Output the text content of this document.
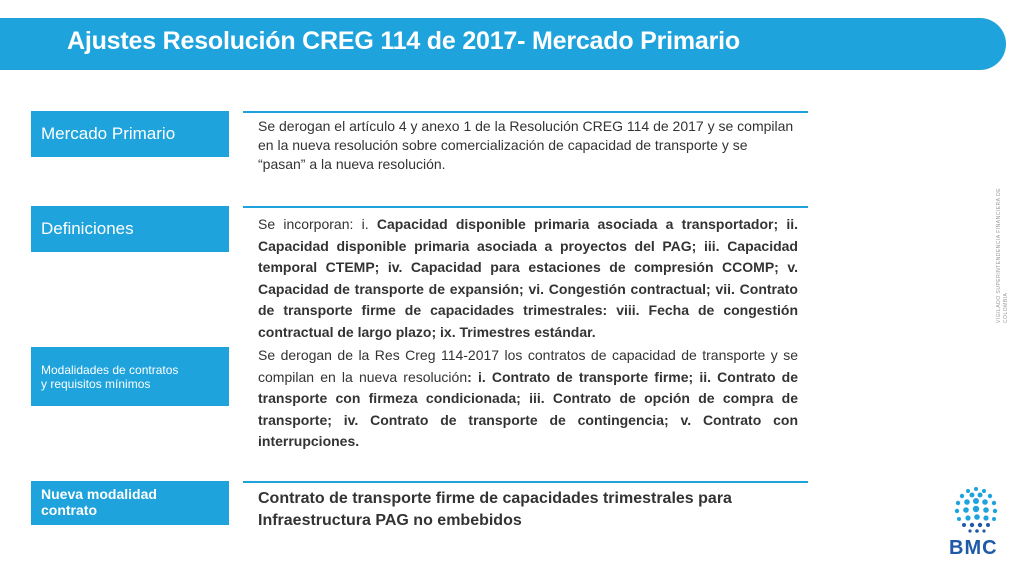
Ajustes Resolución CREG 114 de 2017- Mercado Primario
Mercado Primario	Se derogan el artículo 4 y anexo 1 de la Resolución CREG 114 de 2017 y se compilan en la nueva resolución sobre comercialización de capacidad de transporte y se “pasan” a la nueva resolución.
Definiciones	Se incorporan: i. Capacidad disponible primaria asociada a transportador; ii. Capacidad disponible primaria asociada a proyectos del PAG; iii. Capacidad temporal CTEMP; iv. Capacidad para estaciones de compresión CCOMP; v. Capacidad de transporte de expansión; vi. Congestión contractual; vii. Contrato de transporte firme de capacidades trimestrales: viii. Fecha de congestión contractual de largo plazo; ix. Trimestres estándar.
Modalidades de contratos
y requisitos mínimos
Se derogan de la Res Creg 114-2017 los contratos de capacidad de transporte y se compilan en la nueva resolución: i. Contrato de transporte firme; ii. Contrato de transporte con firmeza condicionada; iii. Contrato de opción de compra de transporte; iv. Contrato de transporte de contingencia; v. Contrato con interrupciones.
Nueva modalidad
contrato
Contrato de transporte firme de capacidades trimestrales para Infraestructura PAG no embebidos
VIGILADO SUPERINTENDENCIA FINANCIERA DE COLOMBIA
BMC
